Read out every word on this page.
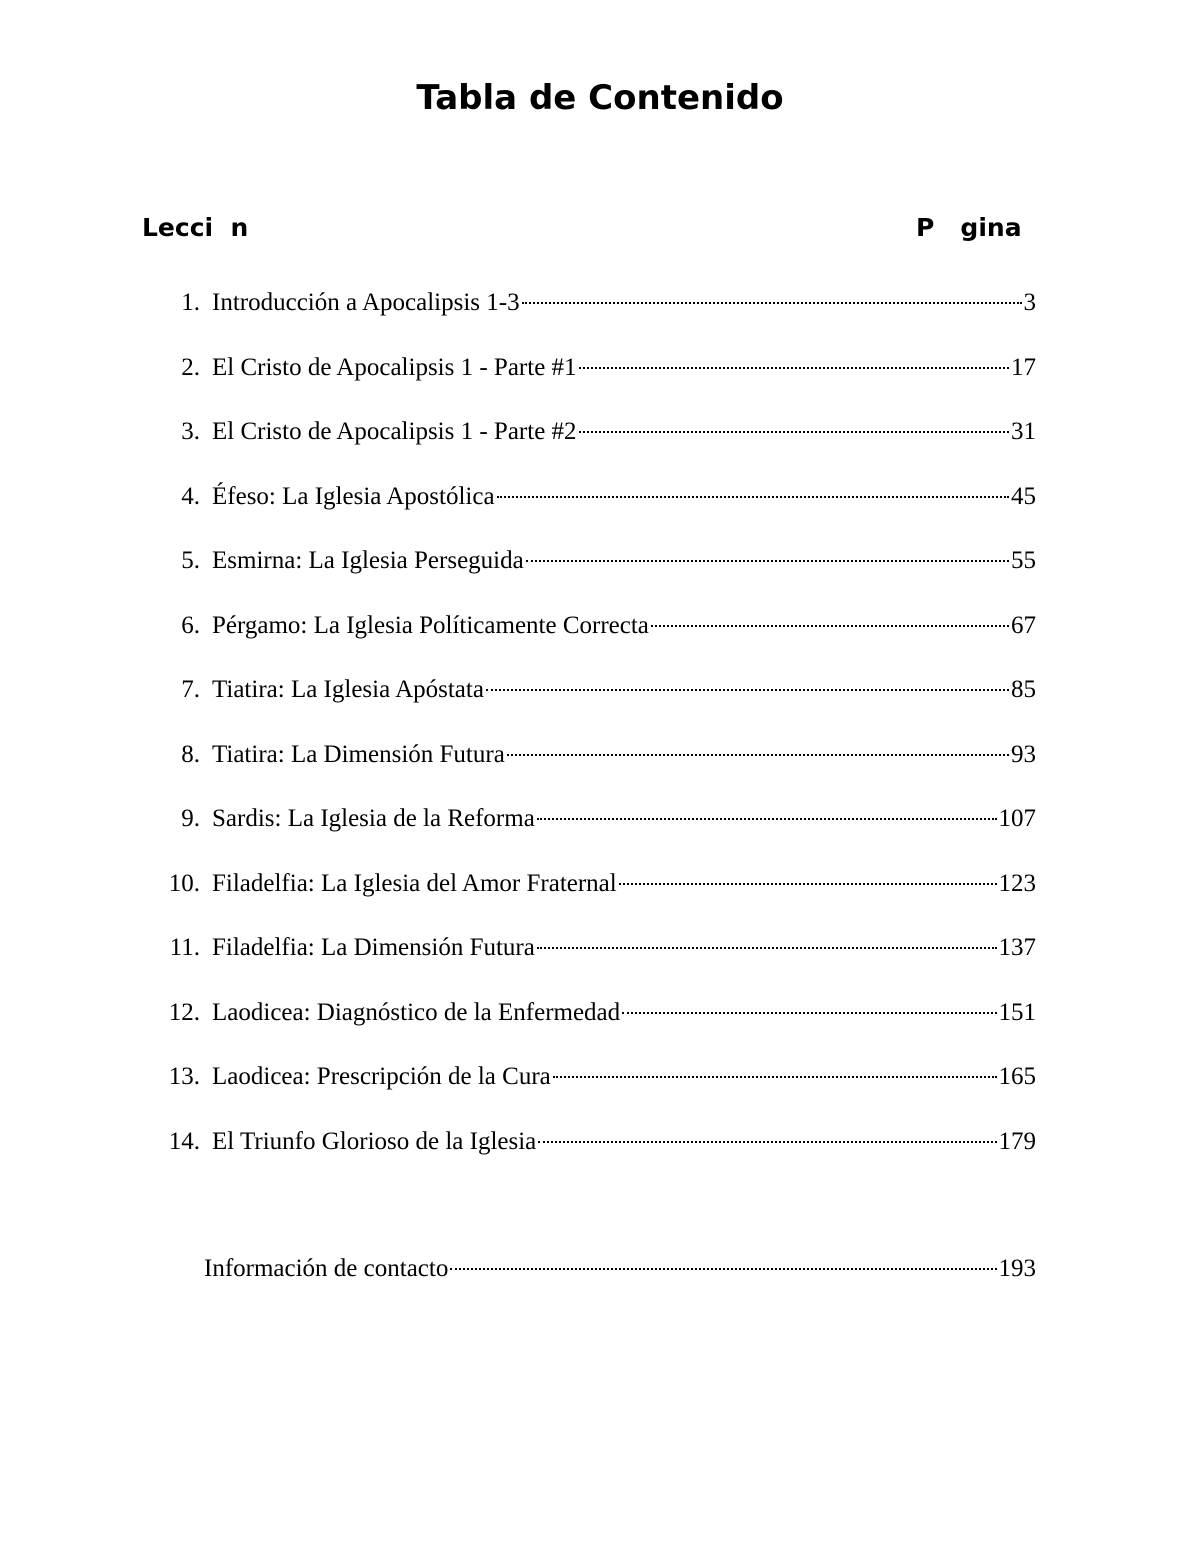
Tabla de Contenido
Lecci  n	P   gina
1. Introducción a Apocalipsis 1-3	3
2. El Cristo de Apocalipsis 1 - Parte #1	17
3. El Cristo de Apocalipsis 1 - Parte #2	31
4. Éfeso: La Iglesia Apostólica	45
5. Esmirna: La Iglesia Perseguida	55
6. Pérgamo: La Iglesia Políticamente Correcta	67
7. Tiatira: La Iglesia Apóstata	85
8. Tiatira: La Dimensión Futura	93
9. Sardis: La Iglesia de la Reforma	107
10. Filadelfia: La Iglesia del Amor Fraternal	123
11. Filadelfia: La Dimensión Futura	137
12. Laodicea: Diagnóstico de la Enfermedad	151
13. Laodicea: Prescripción de la Cura	165
14. El Triunfo Glorioso de la Iglesia	179
Información de contacto	193
